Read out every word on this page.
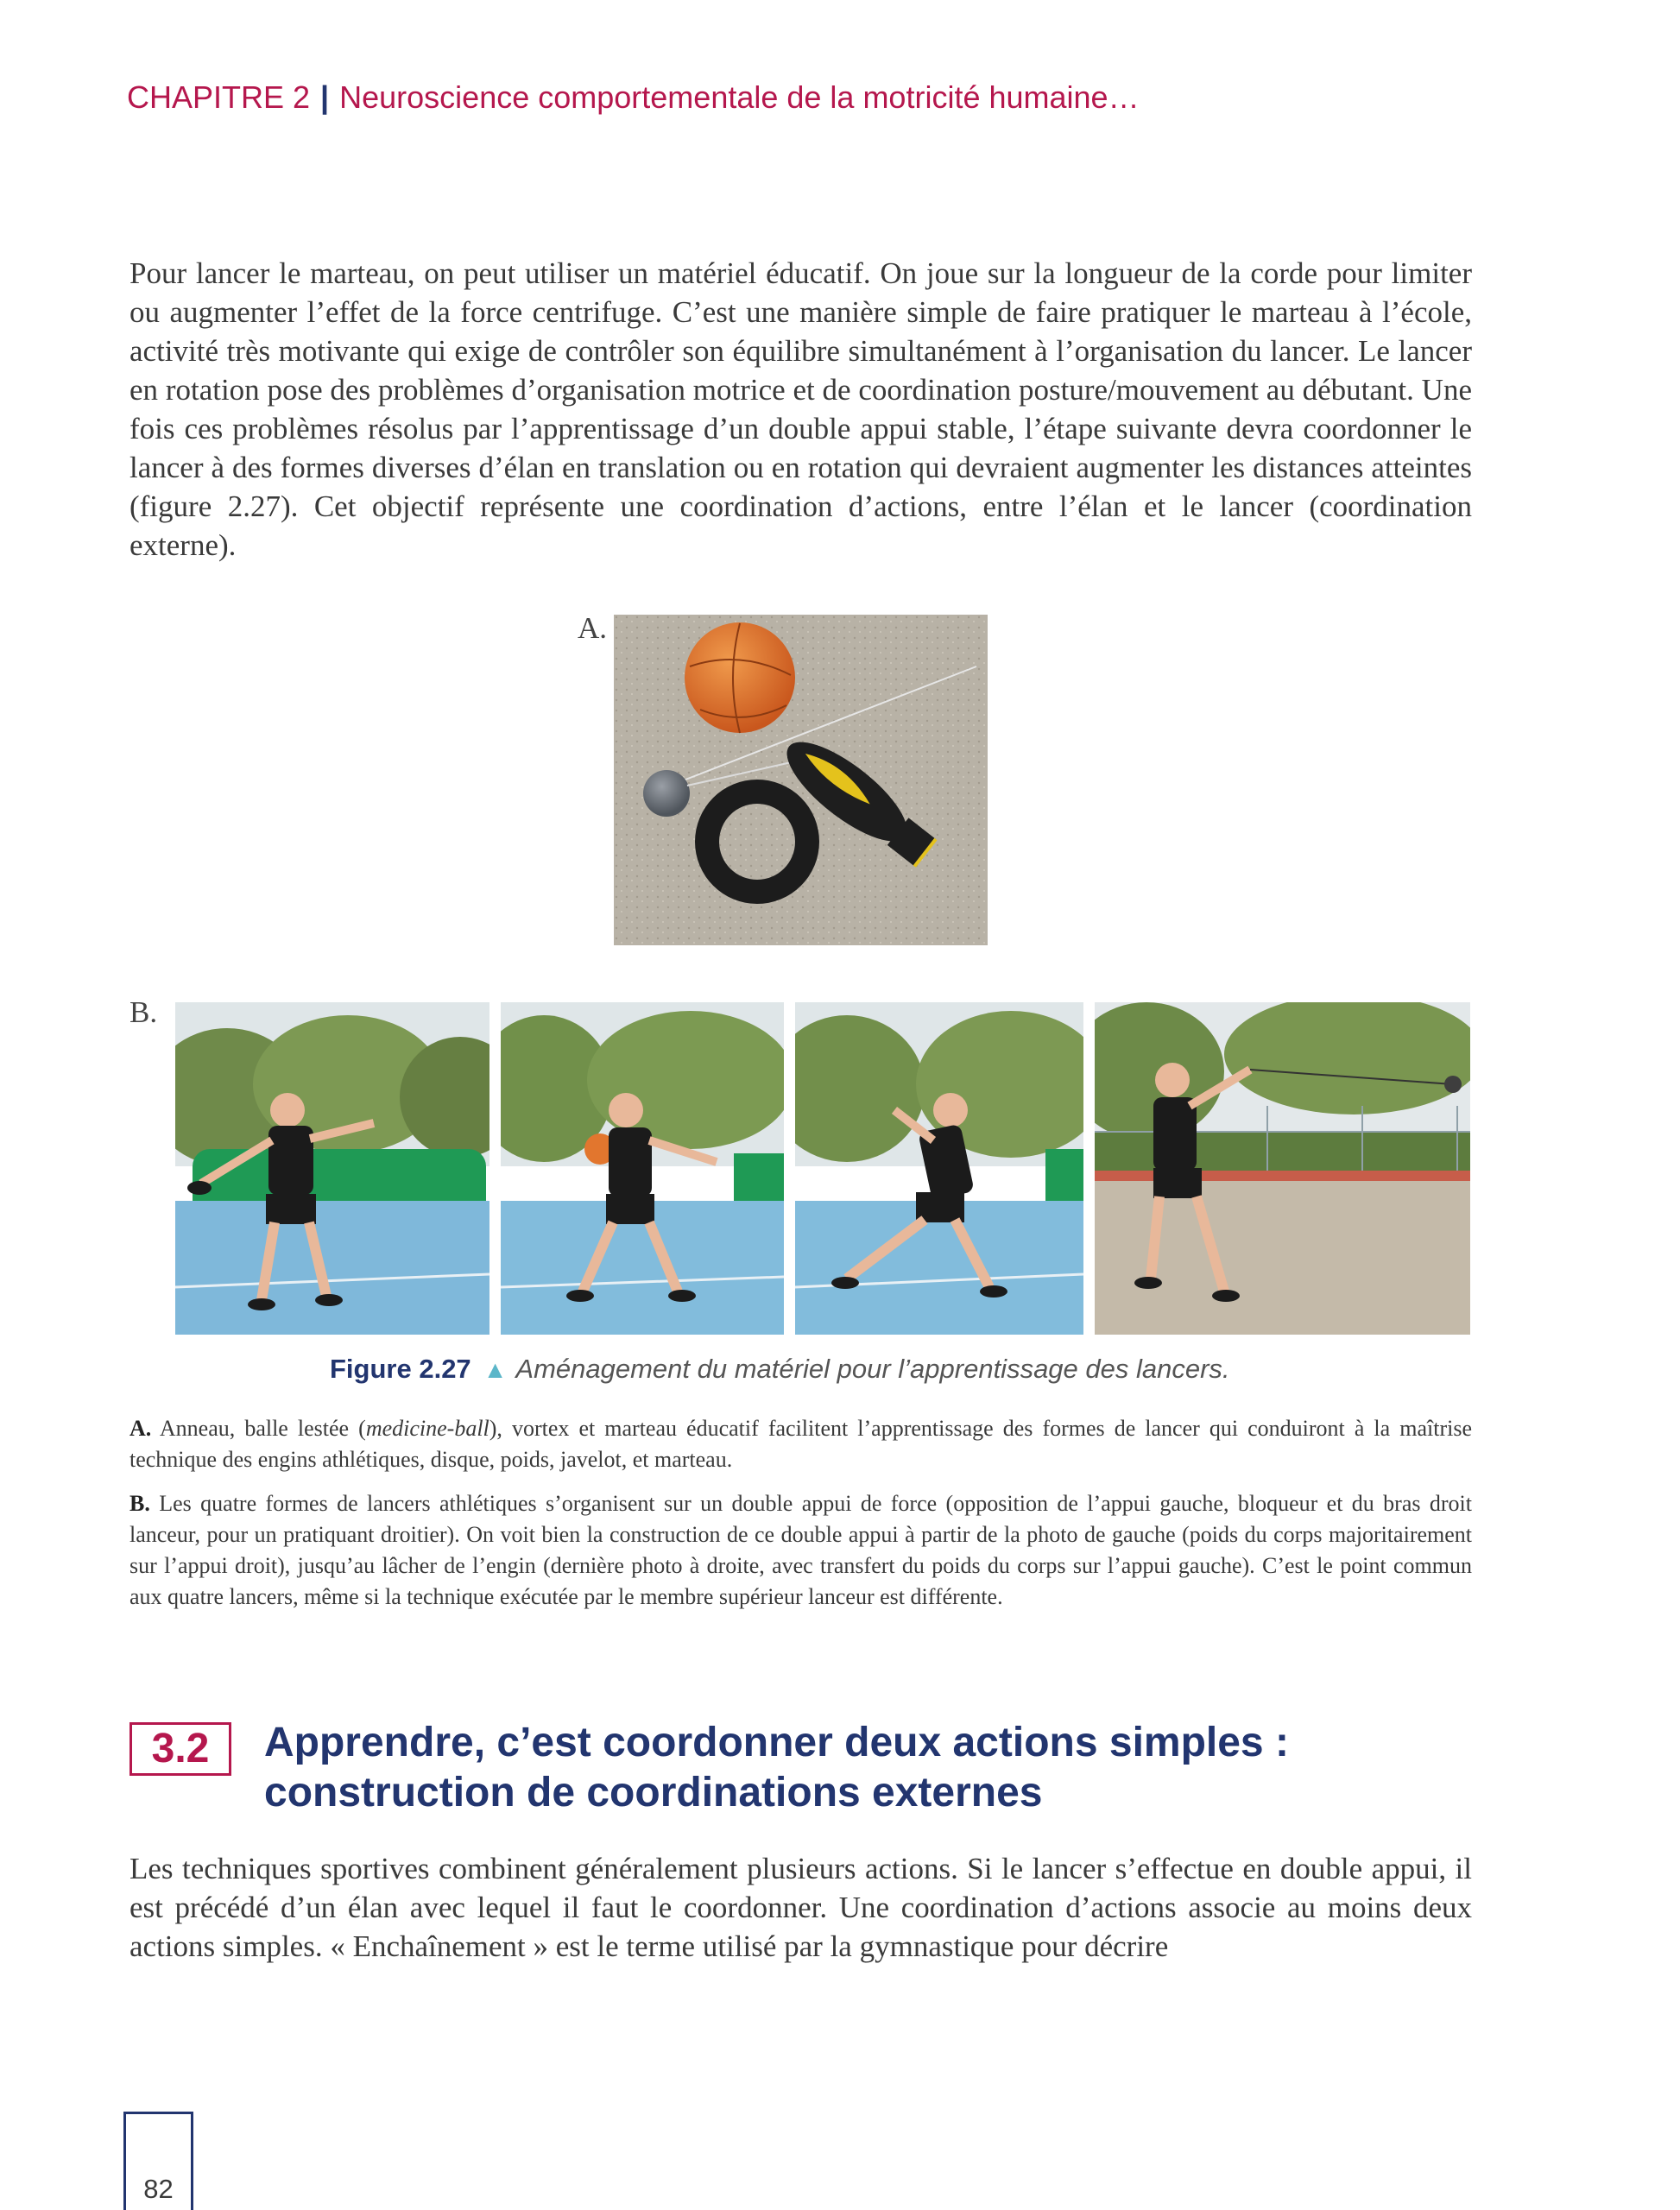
CHAPITRE 2 | Neuroscience comportementale de la motricité humaine…

Pour lancer le marteau, on peut utiliser un matériel éducatif. On joue sur la longueur de la corde pour limiter ou augmenter l’effet de la force centrifuge. C’est une manière simple de faire pratiquer le marteau à l’école, activité très motivante qui exige de contrôler son équilibre simultanément à l’organisation du lancer. Le lancer en rotation pose des problèmes d’organisation motrice et de coordination posture/mouvement au débutant. Une fois ces problèmes résolus par l’apprentissage d’un double appui stable, l’étape suivante devra coordonner le lancer à des formes diverses d’élan en translation ou en rotation qui devraient augmenter les distances atteintes (figure 2.27). Cet objectif représente une coordination d’actions, entre l’élan et le lancer (coordination externe).

A.
B.
Figure 2.27 ▲ Aménagement du matériel pour l’apprentissage des lancers.

A. Anneau, balle lestée (medicine-ball), vortex et marteau éducatif facilitent l’apprentissage des formes de lancer qui conduiront à la maîtrise technique des engins athlétiques, disque, poids, javelot, et marteau.

B. Les quatre formes de lancers athlétiques s’organisent sur un double appui de force (opposition de l’appui gauche, bloqueur et du bras droit lanceur, pour un pratiquant droitier). On voit bien la construction de ce double appui à partir de la photo de gauche (poids du corps majoritairement sur l’appui droit), jusqu’au lâcher de l’engin (dernière photo à droite, avec transfert du poids du corps sur l’appui gauche). C’est le point commun aux quatre lancers, même si la technique exécutée par le membre supérieur lanceur est différente.

3.2	Apprendre, c’est coordonner deux actions simples :
construction de coordinations externes

Les techniques sportives combinent généralement plusieurs actions. Si le lancer s’effectue en double appui, il est précédé d’un élan avec lequel il faut le coordonner. Une coordination d’actions associe au moins deux actions simples. « Enchaînement » est le terme utilisé par la gymnastique pour décrire

82
